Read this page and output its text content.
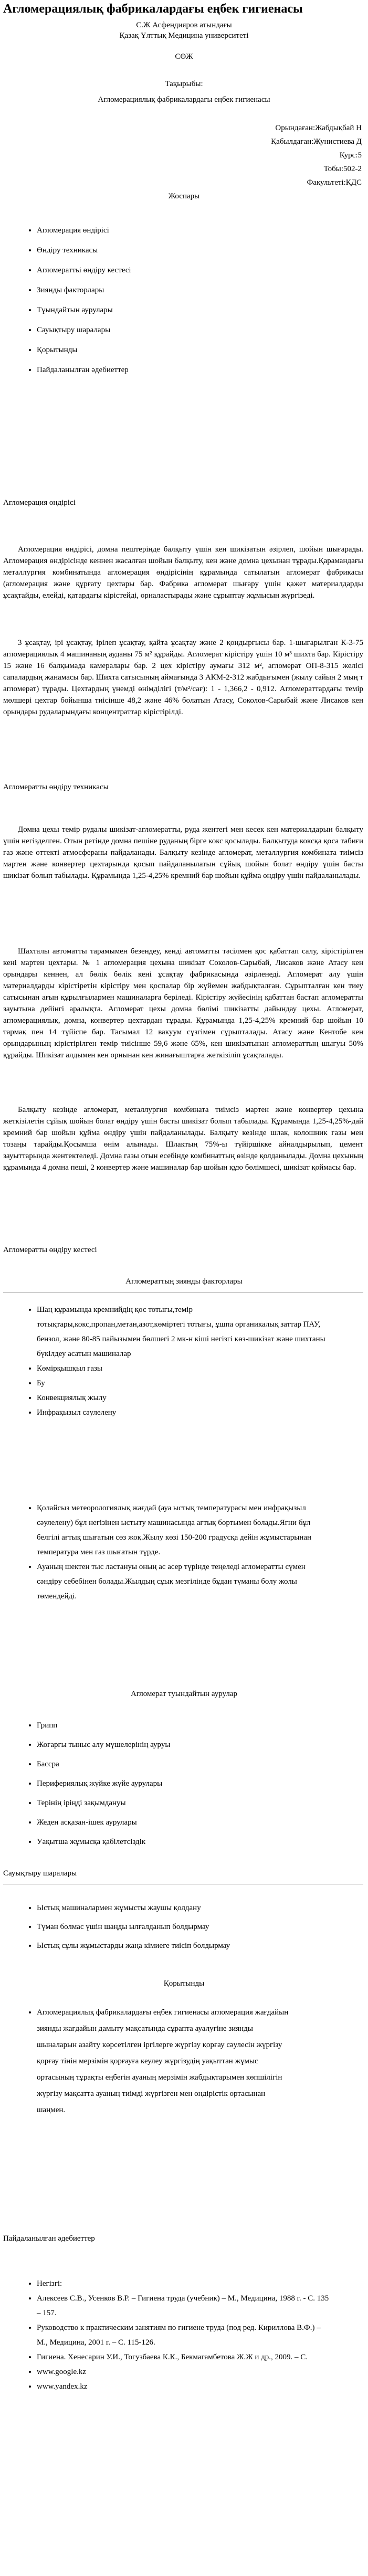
Агломерациялық фабрикалардағы еңбек гигиенасы
С.Ж Асфендияров атындағы
Қазақ Ұлттық Медицина университеті
СӨЖ
Тақырыбы:
Агломерациялық фабрикалардағы еңбек гигиенасы
Орындаған:Жабдықбай Н
Қабылдаған:Жунистиева Д
Курс:5
Тобы:502-2
Факультеті:ҚДС
Жоспары
• Агломерация өндірісі
• Өндіру техникасы
• Агломераттьі өндіру кестесі
• Зиянды факторлары
• Тұындайтын аурулары
• Сауықтыру шаралары
• Қорытынды
• Пайдаланылған әдебиеттер
Агломерация өндірісі

Агломерация өндірісі, домна пештеріндe балқыту үшін кен шикізатын әзірлеп, шойын шығарады. Агломерация өндірісінде кеннен жасалған шойын балқыту, кен және домна цехынан тұрады.Қарамандағы металлургия комбинатында агломерация өндірісінің құрамында сатылатын агломерат фабрикасы (агломерация және құрғату цехтары бар. Фабрика агломерат шығару үшін қажет материалдарды ұсақтайды, елейді, қатардағы кірістейді, орналастырады және сұрыптау жұмысын жүргізеді.

3 ұсақтау, ірі ұсақтау, ірілеп ұсақтау, қайта ұсақтау және 2 қондырғысы бар. 1-шығарылған К-3-75 агломерациялық 4 машинаның ауданы 75 м² құрайды. Агломерат кірістіру үшін 10 м³ шихта бар. Кірістіру 15 және 16 балқымада камералары бар. 2 цех кірістіру аумағы 312 м², агломерат ОП-8-315 желісі сапалардың жанамасы бар. Шихта сатысының аймағында 3 АКМ-2-312 жабдығымен (жылу сайын 2 мың т агломерат) тұрады. Цехтардың үнемді өнімділігі (т/м²/сағ): 1 - 1,366,2 - 0,912. Агломераттардағы темір мөлшері цехтар бойынша тиісінше 48,2 және 46% болатын Атасу, Соколов-Сарыбай және Лисаков кен орындары рудаларындағы концентраттар кірістірілді.

Агломератты өндіру техникасы

Домна цехы темір рудалы шикізат-агломератты, руда жентегі мен кесек кен материалдарын балқыту үшін негізделген. Отын ретінде домна пешіне руданың бірге кокс қосылады. Балқытуда коксқа қоса табиғи газ және оттекті атмосфераны пайдаланады. Балқыту кезінде агломерат, металлургия комбината тиімсіз мартен және конвертер цехтарында қосып пайдаланылатын сұйық шойын болат өндіру үшін басты шикізат болып табылады. Құрамында 1,25-4,25% кремний бар шойын құйма өндіру үшін пайдаланылады.

Шахталы автоматты тарамымен безендеу, кенді автоматты тәсілмен қос қабаттап салу, кірістірілген кені мартен цехтары. № 1 агломерация цехына шикізат Соколов-Сарыбай, Лисаков және Атасу кен орындары кеннен, ал бөлік бөлік кені ұсақтау фабрикасында әзірленеді. Агломерат алу үшін материалдарды кірістіретін кірістіру мен қоспалар бір жүйемен жабдықталған. Сұрыпталған кен тиеу сатысынан ағын құрылғылармен машиналарға беріледі. Кірістіру жүйесінің қабаттан бастап агломератты зауытына дейінгі аралықта. Агломерат цехы домна бөлімі шикізатты дайындау цехы. Агломерат, агломерациялық, домна, конвертер цехтардан тұрады. Құрамында 1,25-4,25% кремний бар шойын 10 тармақ пен 14 түйіспе бар. Тасымал 12 вакуум сүзгімен сұрыпталады. Атасу және Кентобе кен орындарының кірістірілген темір тиісінше 59,6 және 65%, кен шикізатынан агломераттың шығуы 50% құрайды. Шикізат алдымен кен орнынан кен жинағыштарға жеткізіліп ұсақталады.

Балқыту кезінде агломерат, металлургия комбината тиімсіз мартен және конвертер цехына жеткізілетін сұйық шойын болат өндіру үшін басты шикізат болып табылады. Құрамында 1,25-4,25%-дай кремний бар шойын құйма өндіру үшін пайдаланылады. Балқыту кезінде шлак, колошник газы мен тозаңы тарайды.Қосымша өнім алынады. Шлактың 75%-ы түйіршікке айналдырылып, цемент зауыттарында жентектеледі. Домна газы отын есебінде комбинаттың өзінде қолданылады. Домна цехының құрамында 4 домна пеші, 2 конвертер және машиналар бар шойын құю бөлімшесі, шикізат қоймасы бар.

Агломератты өндіру кестесі
Агломераттың зиянды факторлары
• Шаң құрамында кремнийдің қос тотығы,темір тотықтары,кокс,пропан,метан,азот,көміртегі тотығы, ұшпа органикалық заттар ПАУ, бензол, және 80-85 пайызымен бөлшегі 2 мк-н кіші негізгі көз-шикізат және шихтаны бүкілдеу асатын машиналар
• Көмірқышқыл газы
• Бу
• Конвекциялық жылу
• Инфрақызыл сәулелену
• Қолайсыз метеорологиялық жағдай (ауа ыстық температурасы мен инфрақызыл сәулелену) бұл негізінен ыстыту машинасында ағтық бортымен болады.Ягни бұл белгілі ағтық шығатын сөз жоқ.Жылу көзі 150-200 градусқа дейін жұмыстарынан температура мен газ шығатын түрде.
• Ауаның шектен тыс ластануы оның ас асер түрінде теңеледі агломератты сүмен сәндіру себебінен болады.Жылдың сұық мезгілінде бұдан түманы болу жолы төмендейді.
Агломерат туындайтын аурулар
• Грипп
• Жоғарғы тыныс алу мүшелерінің ауруы
• Бассра
• Перифериялық жүйке жүйе аурулары
• Терінің іріңді зақымдануы
• Жеден асқазан-ішек аурулары
• Уақытша жұмысқа қабілетсіздік
Сауықтыру шаралары
• Ыстық машиналармен жұмысты жаушы қолдану
• Түман болмас үшін шаңды ылғалданып болдырмау
• Ыстық сұлы жұмыстарды жаңа кімиеге тиісіп болдырмау
Қорытынды
• Агломерациялық фабрикалардағы еңбек гигиенасы агломерация жағдайын зиянды жағдайын дамыту мақсатында сұрапта ауалугіне зиянды шыналарын азайту көрсетілген іргілерге жүргізу қорғау сәулесін жүргізу қорғау тінін мерзімін қорғауға кеулеу жүргізудің уақыттан жұмыс ортасының тұрақты еңбегін ауаның мерзімін жабдықтарымен көпшілігін жүргізу мақсатта ауаның тиімді жүргізген мен өндірістік ортасынан шаңмен.
Пайдаланылған әдебиеттер
• Негізгі:
• Алексеев С.В., Усенков В.Р. – Гигиена труда (учебник) – М., Медицина, 1988 г. - С. 135 – 157.
• Руководство к практическим занятиям по гигиене труда (под ред. Кириллова В.Ф.) – М., Медицина, 2001 г. – С. 115-126.
• Гигиена. Хенесарин У.И., Тогузбаева К.К., Бекмагамбетова Ж.Ж и др., 2009. – С.
• www.google.kz
• www.yandex.kz
